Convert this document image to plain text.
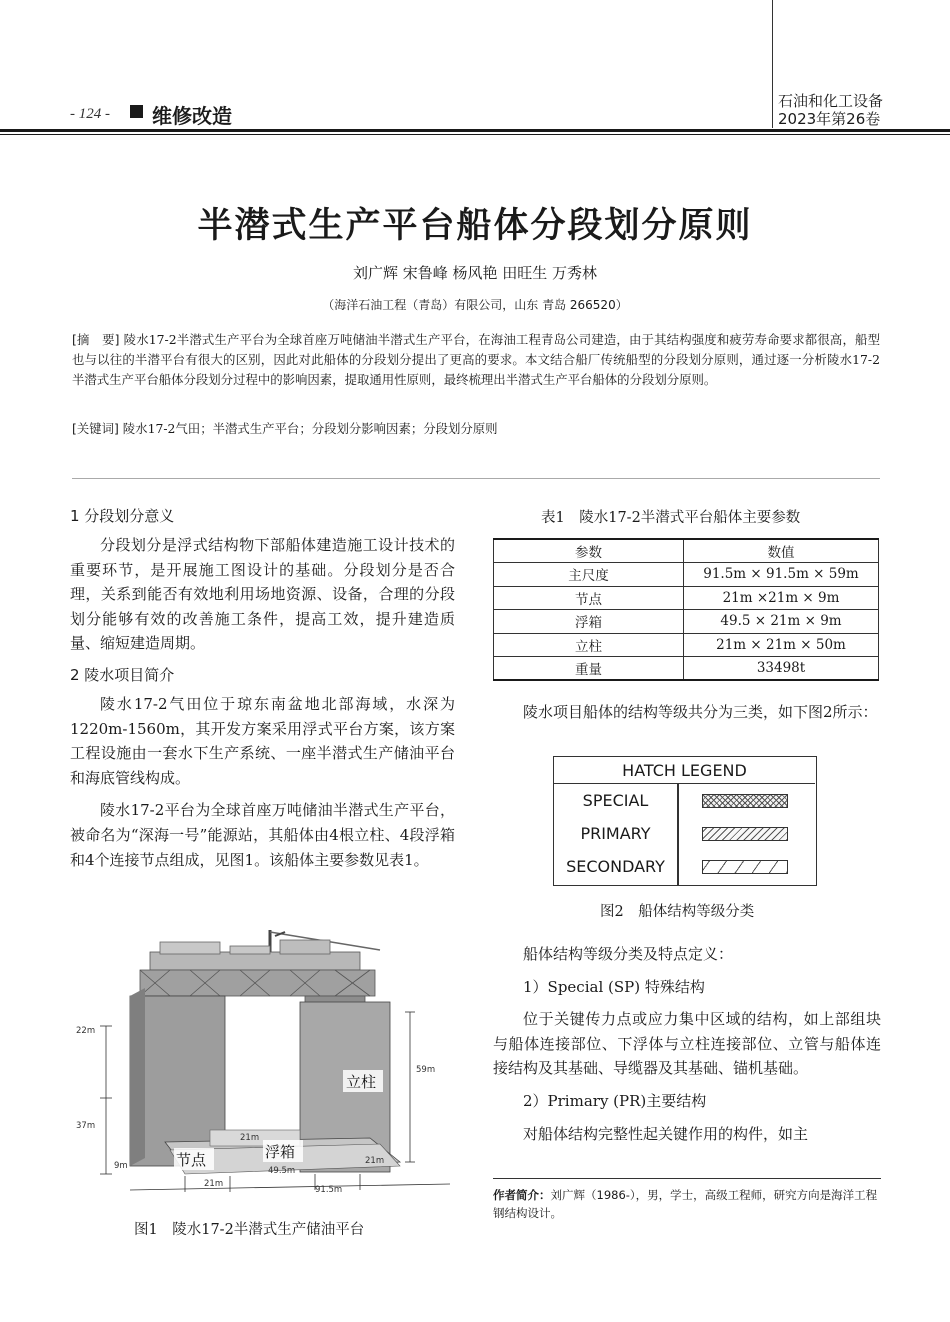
- 124 - 维修改造
石油和化工设备
2023年第26卷
半潜式生产平台船体分段划分原则
刘广辉 宋鲁峰 杨风艳 田旺生 万秀林
（海洋石油工程（青岛）有限公司，山东 青岛 266520）
[摘　要] 陵水17-2半潜式生产平台为全球首座万吨储油半潜式生产平台，在海油工程青岛公司建造，由于其结构强度和疲劳寿命要求都很高，船型也与以往的半潜平台有很大的区别，因此对此船体的分段划分提出了更高的要求。本文结合船厂传统船型的分段划分原则，通过逐一分析陵水17-2半潜式生产平台船体分段划分过程中的影响因素，提取通用性原则，最终梳理出半潜式生产平台船体的分段划分原则。
[关键词] 陵水17-2气田；半潜式生产平台；分段划分影响因素；分段划分原则
1 分段划分意义

分段划分是浮式结构物下部船体建造施工设计技术的重要环节，是开展施工图设计的基础。分段划分是否合理，关系到能否有效地利用场地资源、设备，合理的分段划分能够有效的改善施工条件，提高工效，提升建造质量、缩短建造周期。

2 陵水项目简介

陵水17-2气田位于琼东南盆地北部海域，水深为1220m-1560m，其开发方案采用浮式平台方案，该方案工程设施由一套水下生产系统、一座半潜式生产储油平台和海底管线构成。

陵水17-2平台为全球首座万吨储油半潜式生产平台，被命名为“深海一号”能源站，其船体由4根立柱、4段浮箱和4个连接节点组成，见图1。该船体主要参数见表1。

22m
37m
9m
59m
21m
21m
21m
49.5m
91.5m
立柱
节点	浮箱
图1　陵水17-2半潜式生产储油平台
表1　陵水17-2半潜式平台船体主要参数
参数	数值
主尺度	91.5m × 91.5m × 59m
节点	21m ×21m × 9m
浮箱	49.5 × 21m × 9m
立柱	21m × 21m × 50m
重量	33498t

陵水项目船体的结构等级共分为三类，如下图2所示：

HATCH LEGEND
SPECIAL
PRIMARY
SECONDARY
图2　船体结构等级分类

船体结构等级分类及特点定义：

1）Special (SP) 特殊结构

位于关键传力点或应力集中区域的结构，如上部组块与船体连接部位、下浮体与立柱连接部位、立管与船体连接结构及其基础、导缆器及其基础、锚机基础。

2）Primary (PR)主要结构

对船体结构完整性起关键作用的构件，如主

作者简介：刘广辉（1986-），男，学士，高级工程师，研究方向是海洋工程钢结构设计。
